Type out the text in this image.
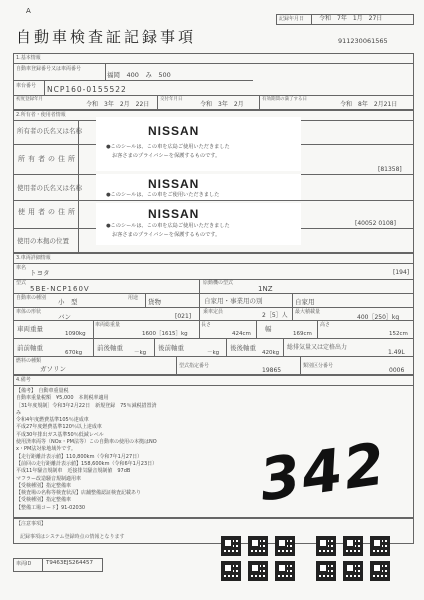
A
自動車検査証記録事項
記録年月日 令和　7年　1月　27日
911230061565
1.基本情報
自動車登録番号又は車両番号
福岡　400　み　500
車台番号 NCP160-0155522
初度登録年月
令和　3年　2月　22日
交付年月日
令和　3年　2月
有効期間の満了する日
令和　8年　2月21日
2.所有者・使用者情報
所有者の氏名又は名称
所有者の住所
[81358]
使用者の氏名又は名称
使用者の住所
[40052 0108]
使用の本拠の位置
NISSAN
●このシールは、この車を広島ご使用いただきました
お客さまのプライバシーを保護するものです。
NISSAN
●このシールは、この車をご使用いただきました
NISSAN
●このシールは、この車を広島ご使用いただきました
お客さまのプライバシーを保護するものです。
3.車両詳細情報
車名
トヨタ	[194]
型式
5BE-NCP160V
原動機の型式
1NZ
自動車の種別 小　型	用途 貨物	自家用・事業用の別	自家用
車体の形状
バン	[021]
乗車定員	2［5］人 最大積載量
400［250］kg
車両重量
1090kg
車両総重量
1600［1615］kg
長さ
424cm
幅
169cm
高さ
152cm
前前軸重
670kg
前後軸重
－kg
後前軸重
－kg
後後軸重
420kg
総排気量又は定格出力
1.49L
燃料の種類
ガソリン	型式指定番号
19865
類別区分番号
0006
4.備考
【備考】　自動車重量税
自動車重量税額　¥5,000　本則税率適用
［31年度規制］令和3年2月22日　新規登録　75％減税措置済
み
令和4年度燃費基準105％達成車
平成27年度燃費基準120％以上達成車
平成30年排出ガス基準50％低減レベル
使用済車両等（NOx・PM法等）この自動車の使用の本拠はNO
x・PM法対象地域外です。
【走行距離計表示値】110,800km（令和7年1月27日）
【前回の走行距離計表示値】158,600km（令和6年1月23日）
平成11年騒音規制車　近接排気騒音規制値　97dB
マフラー改造騒音規制適用車
【受検種別】指定整備車
【検査場の名称等検査状況】店舗整備認証検査記載あり
【受検種別】指定整備車
【整備工場コード】91-02030	342
【注意事項】
記録事項はシステム登録時点の情報となります
車両ID	T9463EJS264457
